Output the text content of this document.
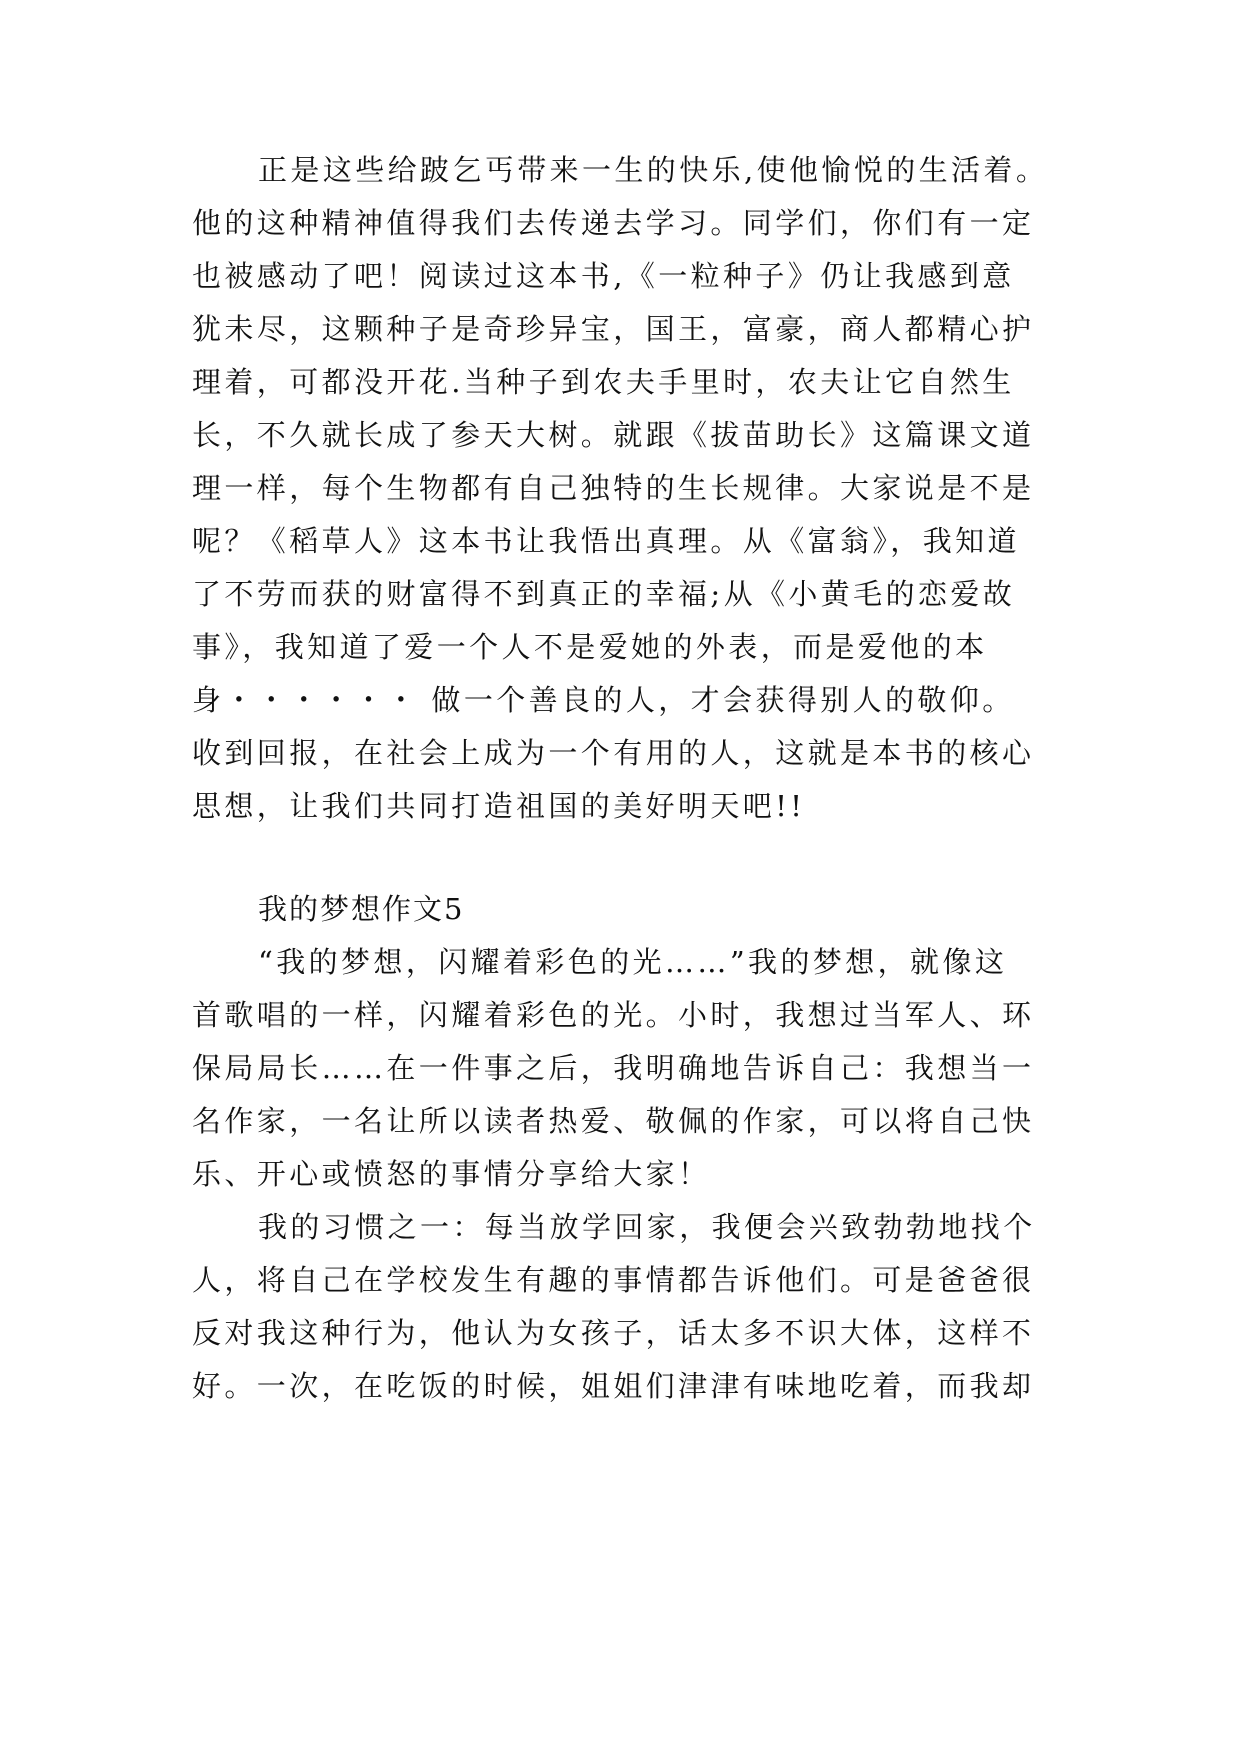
正是这些给跛乞丐带来一生的快乐,使他愉悦的生活着。
他的这种精神值得我们去传递去学习。同学们，你们有一定
也被感动了吧！阅读过这本书,《一粒种子》仍让我感到意
犹未尽，这颗种子是奇珍异宝，国王，富豪，商人都精心护
理着，可都没开花.当种子到农夫手里时，农夫让它自然生
长，不久就长成了参天大树。就跟《拔苗助长》这篇课文道
理一样，每个生物都有自己独特的生长规律。大家说是不是
呢？《稻草人》这本书让我悟出真理。从《富翁》，我知道
了不劳而获的财富得不到真正的幸福;从《小黄毛的恋爱故
事》，我知道了爱一个人不是爱她的外表，而是爱他的本
身・・・・・・ 做一个善良的人，才会获得别人的敬仰。
收到回报，在社会上成为一个有用的人，这就是本书的核心
思想，让我们共同打造祖国的美好明天吧!!
我的梦想作文5
“我的梦想，闪耀着彩色的光……”我的梦想，就像这
首歌唱的一样，闪耀着彩色的光。小时，我想过当军人、环
保局局长……在一件事之后，我明确地告诉自己：我想当一
名作家，一名让所以读者热爱、敬佩的作家，可以将自己快
乐、开心或愤怒的事情分享给大家！
我的习惯之一：每当放学回家，我便会兴致勃勃地找个
人，将自己在学校发生有趣的事情都告诉他们。可是爸爸很
反对我这种行为，他认为女孩子，话太多不识大体，这样不
好。一次，在吃饭的时候，姐姐们津津有味地吃着，而我却
